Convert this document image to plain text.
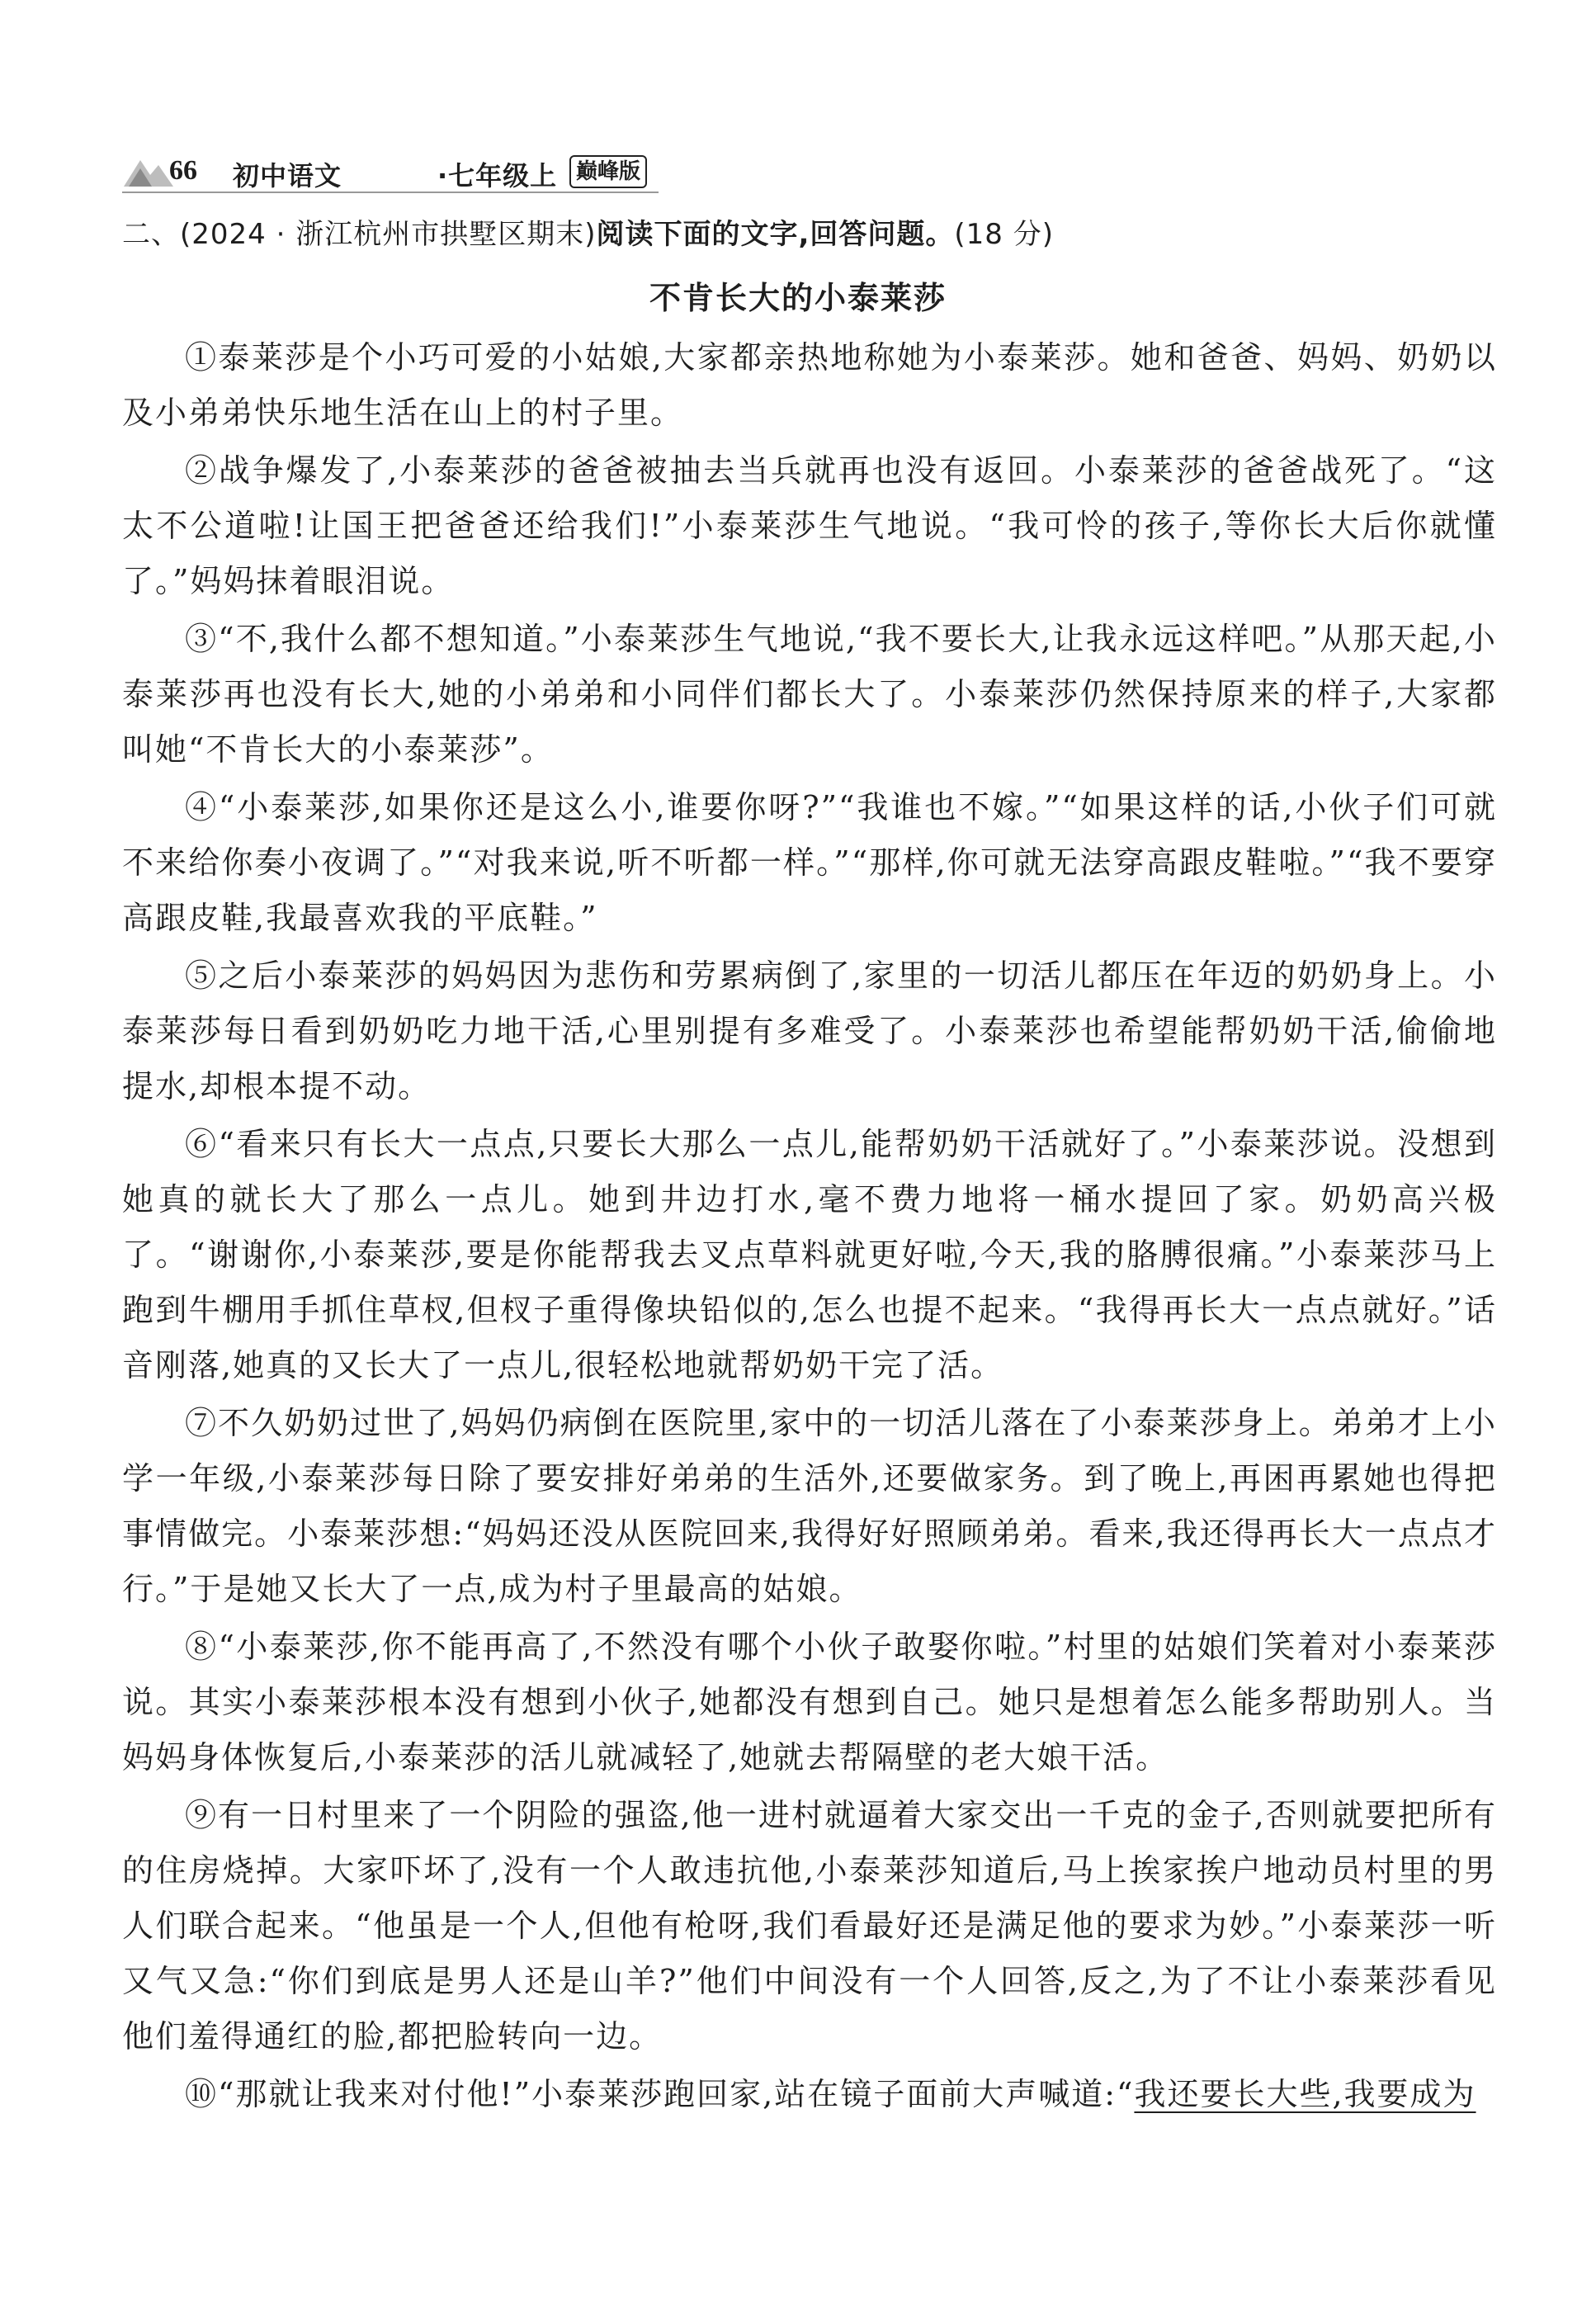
66 初中语文	·七年级上 巅峰版
二、(2024 · 浙江杭州市拱墅区期末)阅读下面的文字,回答问题。(18 分)
不肯长大的小泰莱莎

①泰莱莎是个小巧可爱的小姑娘,大家都亲热地称她为小泰莱莎。她和爸爸、妈妈、奶奶以及小弟弟快乐地生活在山上的村子里。

②战争爆发了,小泰莱莎的爸爸被抽去当兵就再也没有返回。小泰莱莎的爸爸战死了。“这太不公道啦!让国王把爸爸还给我们!”小泰莱莎生气地说。“我可怜的孩子,等你长大后你就懂了。”妈妈抹着眼泪说。

③“不,我什么都不想知道。”小泰莱莎生气地说,“我不要长大,让我永远这样吧。”从那天起,小泰莱莎再也没有长大,她的小弟弟和小同伴们都长大了。小泰莱莎仍然保持原来的样子,大家都叫她“不肯长大的小泰莱莎”。

④“小泰莱莎,如果你还是这么小,谁要你呀?”“我谁也不嫁。”“如果这样的话,小伙子们可就不来给你奏小夜调了。”“对我来说,听不听都一样。”“那样,你可就无法穿高跟皮鞋啦。”“我不要穿高跟皮鞋,我最喜欢我的平底鞋。”

⑤之后小泰莱莎的妈妈因为悲伤和劳累病倒了,家里的一切活儿都压在年迈的奶奶身上。小泰莱莎每日看到奶奶吃力地干活,心里别提有多难受了。小泰莱莎也希望能帮奶奶干活,偷偷地提水,却根本提不动。

⑥“看来只有长大一点点,只要长大那么一点儿,能帮奶奶干活就好了。”小泰莱莎说。没想到她真的就长大了那么一点儿。她到井边打水,毫不费力地将一桶水提回了家。奶奶高兴极了。“谢谢你,小泰莱莎,要是你能帮我去叉点草料就更好啦,今天,我的胳膊很痛。”小泰莱莎马上跑到牛棚用手抓住草杈,但杈子重得像块铅似的,怎么也提不起来。“我得再长大一点点就好。”话音刚落,她真的又长大了一点儿,很轻松地就帮奶奶干完了活。

⑦不久奶奶过世了,妈妈仍病倒在医院里,家中的一切活儿落在了小泰莱莎身上。弟弟才上小学一年级,小泰莱莎每日除了要安排好弟弟的生活外,还要做家务。到了晚上,再困再累她也得把事情做完。小泰莱莎想:“妈妈还没从医院回来,我得好好照顾弟弟。看来,我还得再长大一点点才行。”于是她又长大了一点,成为村子里最高的姑娘。

⑧“小泰莱莎,你不能再高了,不然没有哪个小伙子敢娶你啦。”村里的姑娘们笑着对小泰莱莎说。其实小泰莱莎根本没有想到小伙子,她都没有想到自己。她只是想着怎么能多帮助别人。当妈妈身体恢复后,小泰莱莎的活儿就减轻了,她就去帮隔壁的老大娘干活。

⑨有一日村里来了一个阴险的强盗,他一进村就逼着大家交出一千克的金子,否则就要把所有的住房烧掉。大家吓坏了,没有一个人敢违抗他,小泰莱莎知道后,马上挨家挨户地动员村里的男人们联合起来。“他虽是一个人,但他有枪呀,我们看最好还是满足他的要求为妙。”小泰莱莎一听又气又急:“你们到底是男人还是山羊?”他们中间没有一个人回答,反之,为了不让小泰莱莎看见他们羞得通红的脸,都把脸转向一边。

⑩“那就让我来对付他!”小泰莱莎跑回家,站在镜子面前大声喊道:“我还要长大些,我要成为
